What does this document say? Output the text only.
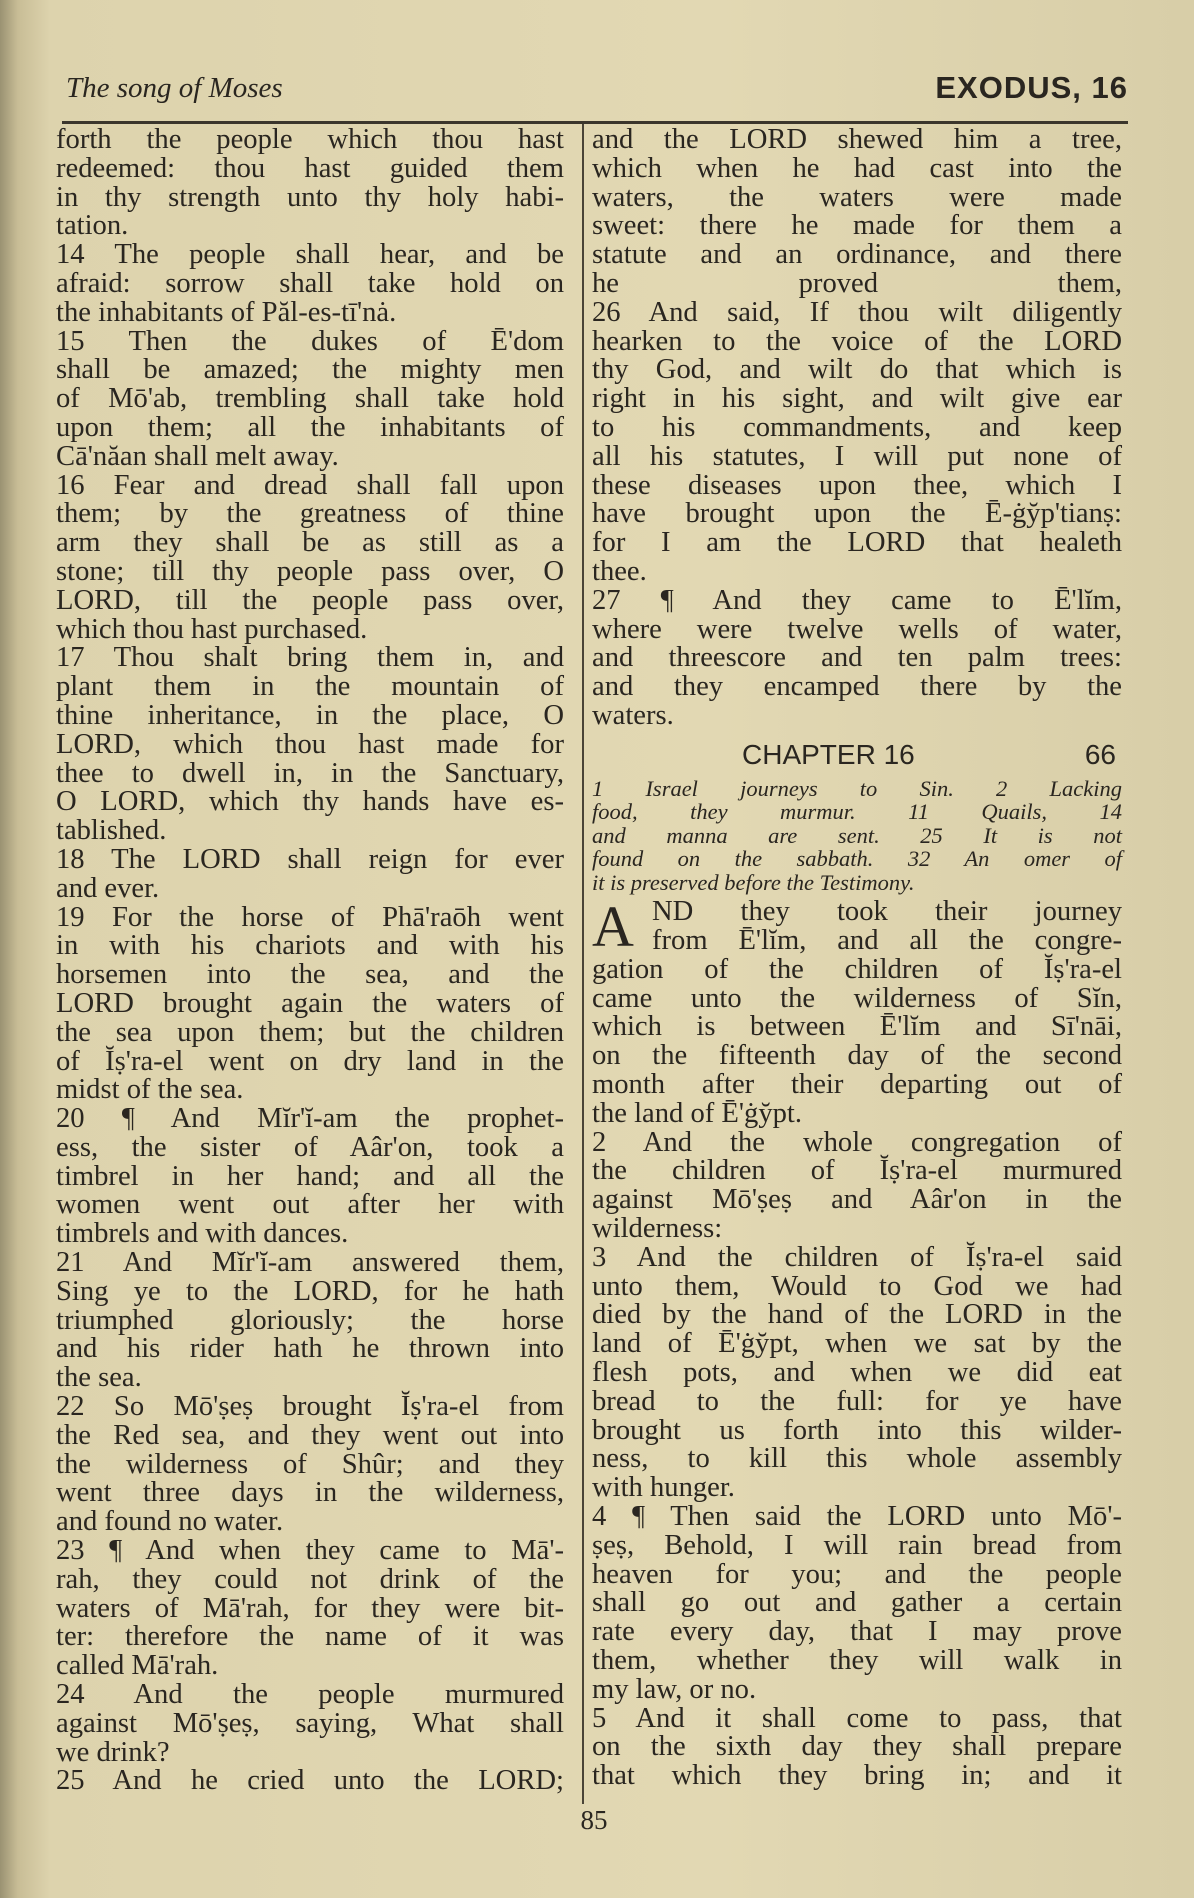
The song of Moses	EXODUS, 16
forth the people which thou hast
redeemed: thou hast guided them
in thy strength unto thy holy habi-
tation.
14 The people shall hear, and be
afraid: sorrow shall take hold on
the inhabitants of Păl-es-tī'nȧ.
15 Then the dukes of Ē'dom
shall be amazed; the mighty men
of Mō'ab, trembling shall take hold
upon them; all the inhabitants of
Cā'năan shall melt away.
16 Fear and dread shall fall upon
them; by the greatness of thine
arm they shall be as still as a
stone; till thy people pass over, O
LORD, till the people pass over,
which thou hast purchased.
17 Thou shalt bring them in, and
plant them in the mountain of
thine inheritance, in the place, O
LORD, which thou hast made for
thee to dwell in, in the Sanctuary,
O LORD, which thy hands have es-
tablished.
18 The LORD shall reign for ever
and ever.
19 For the horse of Phā'raōh went
in with his chariots and with his
horsemen into the sea, and the
LORD brought again the waters of
the sea upon them; but the children
of Ĭṣ'ra-el went on dry land in the
midst of the sea.
20 ¶ And Mĭr'ĭ-am the prophet-
ess, the sister of Aâr'on, took a
timbrel in her hand; and all the
women went out after her with
timbrels and with dances.
21 And Mĭr'ĭ-am answered them,
Sing ye to the LORD, for he hath
triumphed gloriously; the horse
and his rider hath he thrown into
the sea.
22 So Mō'ṣeṣ brought Ĭṣ'ra-el from
the Red sea, and they went out into
the wilderness of Shûr; and they
went three days in the wilderness,
and found no water.
23 ¶ And when they came to Mā'-
rah, they could not drink of the
waters of Mā'rah, for they were bit-
ter: therefore the name of it was
called Mā'rah.
24 And the people murmured
against Mō'ṣeṣ, saying, What shall
we drink?
25 And he cried unto the LORD;
and the LORD shewed him a tree,
which when he had cast into the
waters, the waters were made
sweet: there he made for them a
statute and an ordinance, and there
he proved them,
26 And said, If thou wilt diligently
hearken to the voice of the LORD
thy God, and wilt do that which is
right in his sight, and wilt give ear
to his commandments, and keep
all his statutes, I will put none of
these diseases upon thee, which I
have brought upon the Ē-ġy̆p'tianṣ:
for I am the LORD that healeth
thee.
27 ¶ And they came to Ē'lĭm,
where were twelve wells of water,
and threescore and ten palm trees:
and they encamped there by the
waters.
CHAPTER 16	66
1 Israel journeys to Sin. 2 Lacking
food, they murmur. 11 Quails, 14
and manna are sent. 25 It is not
found on the sabbath. 32 An omer of
it is preserved before the Testimony.
A ND they took their journey
from Ē'lĭm, and all the congre-
gation of the children of Ĭṣ'ra-el
came unto the wilderness of Sĭn,
which is between Ē'lĭm and Sī'nāi,
on the fifteenth day of the second
month after their departing out of
the land of Ē'ġy̆pt.
2 And the whole congregation of
the children of Ĭṣ'ra-el murmured
against Mō'ṣeṣ and Aâr'on in the
wilderness:
3 And the children of Ĭṣ'ra-el said
unto them, Would to God we had
died by the hand of the LORD in the
land of Ē'ġy̆pt, when we sat by the
flesh pots, and when we did eat
bread to the full: for ye have
brought us forth into this wilder-
ness, to kill this whole assembly
with hunger.
4 ¶ Then said the LORD unto Mō'-
ṣeṣ, Behold, I will rain bread from
heaven for you; and the people
shall go out and gather a certain
rate every day, that I may prove
them, whether they will walk in
my law, or no.
5 And it shall come to pass, that
on the sixth day they shall prepare
that which they bring in; and it
85
